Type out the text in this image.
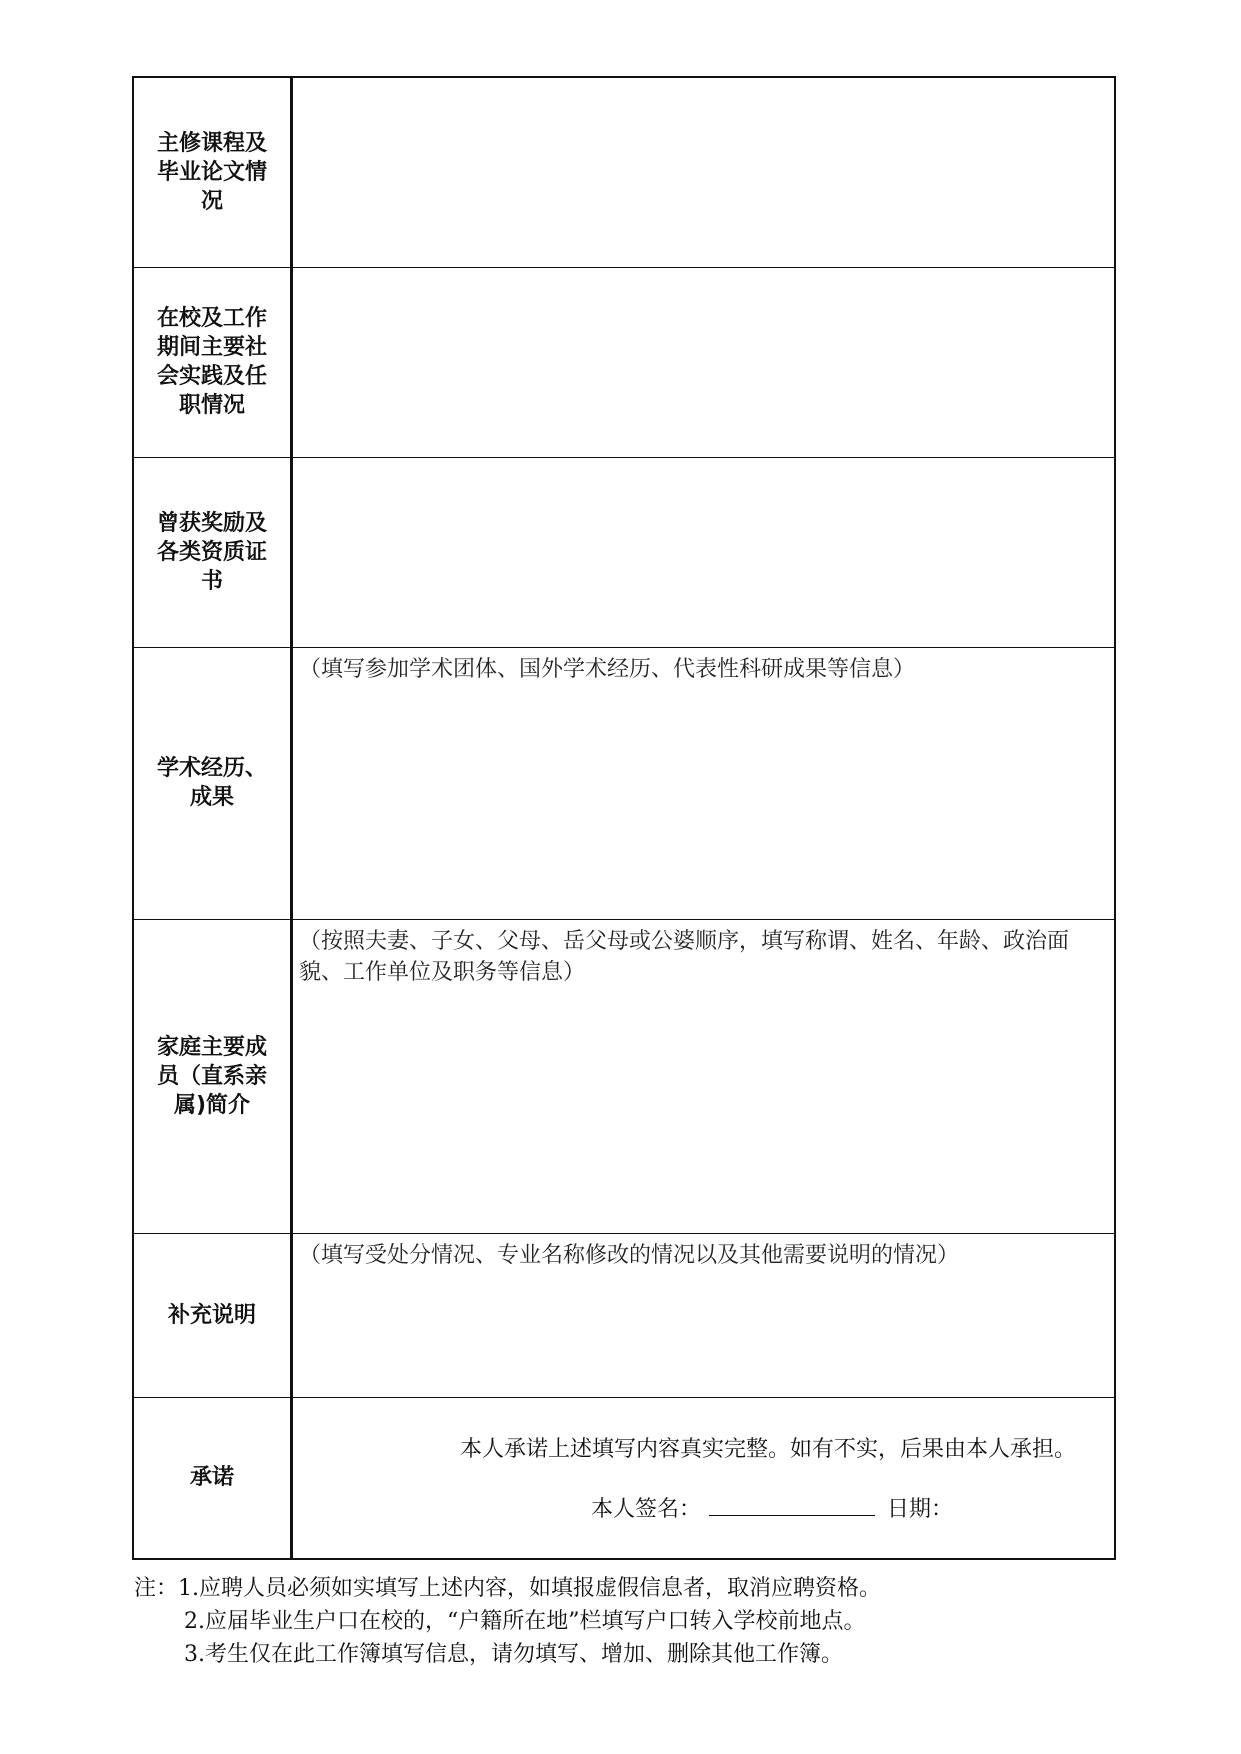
主修课程及毕业论文情况	

在校及工作期间主要社会实践及任职情况	

曾获奖励及各类资质证书	

学术经历、成果	（填写参加学术团体、国外学术经历、代表性科研成果等信息）

家庭主要成员（直系亲属)简介	（按照夫妻、子女、父母、岳父母或公婆顺序，填写称谓、姓名、年龄、政治面貌、工作单位及职务等信息）

补充说明	（填写受处分情况、专业名称修改的情况以及其他需要说明的情况）

承诺	本人承诺上述填写内容真实完整。如有不实，后果由本人承担。

本人签名： 日期：

注：1.应聘人员必须如实填写上述内容，如填报虚假信息者，取消应聘资格。

2.应届毕业生户口在校的，“户籍所在地”栏填写户口转入学校前地点。

3.考生仅在此工作簿填写信息，请勿填写、增加、删除其他工作簿。
